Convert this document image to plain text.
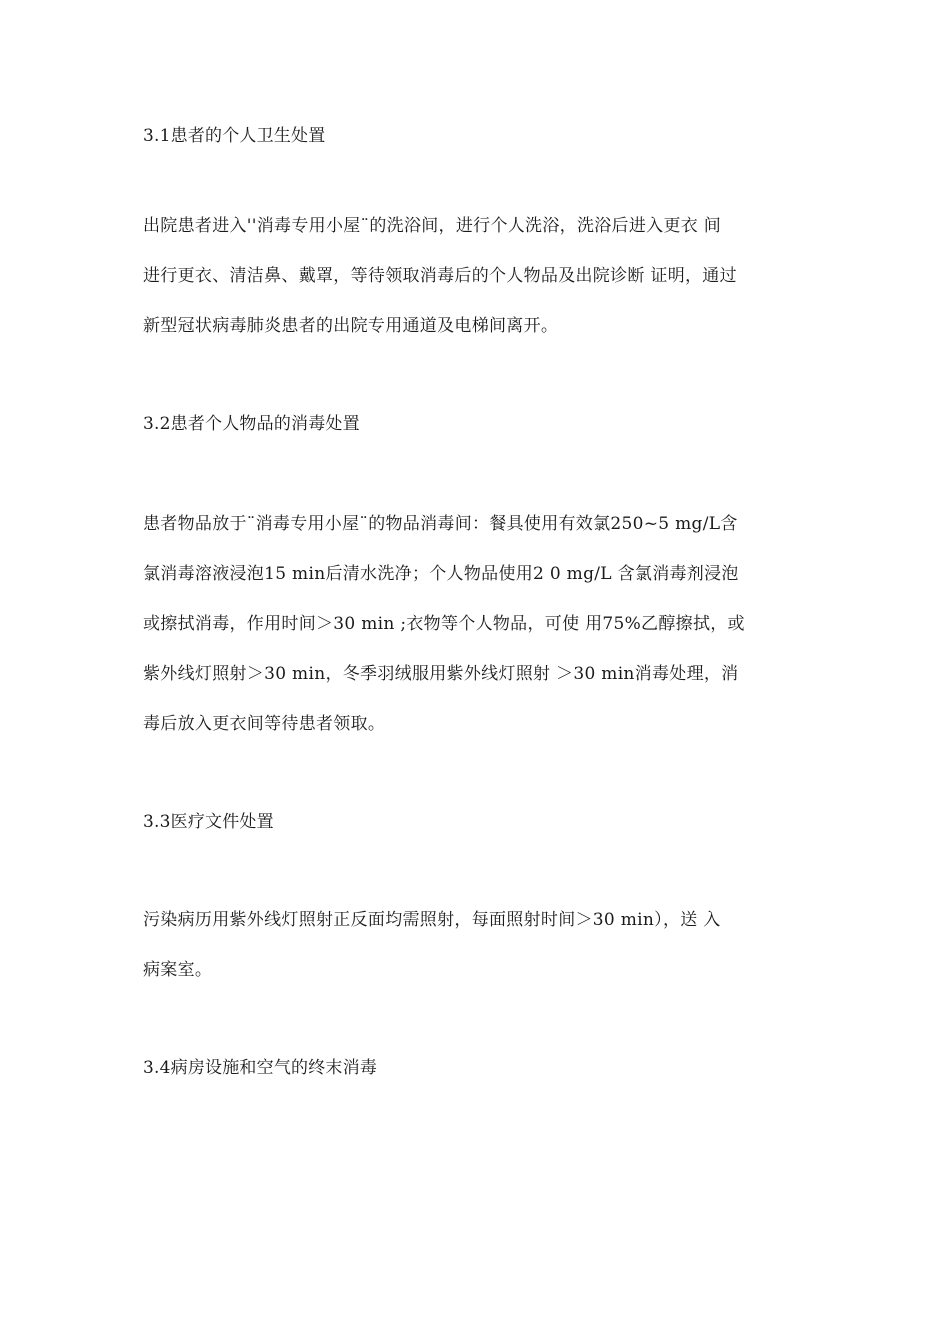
3.1患者的个人卫生处置
出院患者进入''消毒专用小屋¨的洗浴间，进行个人洗浴，洗浴后进入更衣 间
进行更衣、清洁鼻、戴罩，等待领取消毒后的个人物品及出院诊断 证明，通过
新型冠状病毒肺炎患者的出院专用通道及电梯间离开。
3.2患者个人物品的消毒处置
患者物品放于¨消毒专用小屋¨的物品消毒间：餐具使用有效氯250~5 mg/L含
氯消毒溶液浸泡15 min后清水洗净；个人物品使用2 0 mg/L 含氯消毒剂浸泡
或擦拭消毒，作用时间＞30 min ;衣物等个人物品，可使 用75%乙醇擦拭，或
紫外线灯照射＞30 min，冬季羽绒服用紫外线灯照射 ＞30 min消毒处理，消
毒后放入更衣间等待患者领取。
3.3医疗文件处置
污染病历用紫外线灯照射正反面均需照射，每面照射时间＞30 min），送 入
病案室。
3.4病房设施和空气的终末消毒
